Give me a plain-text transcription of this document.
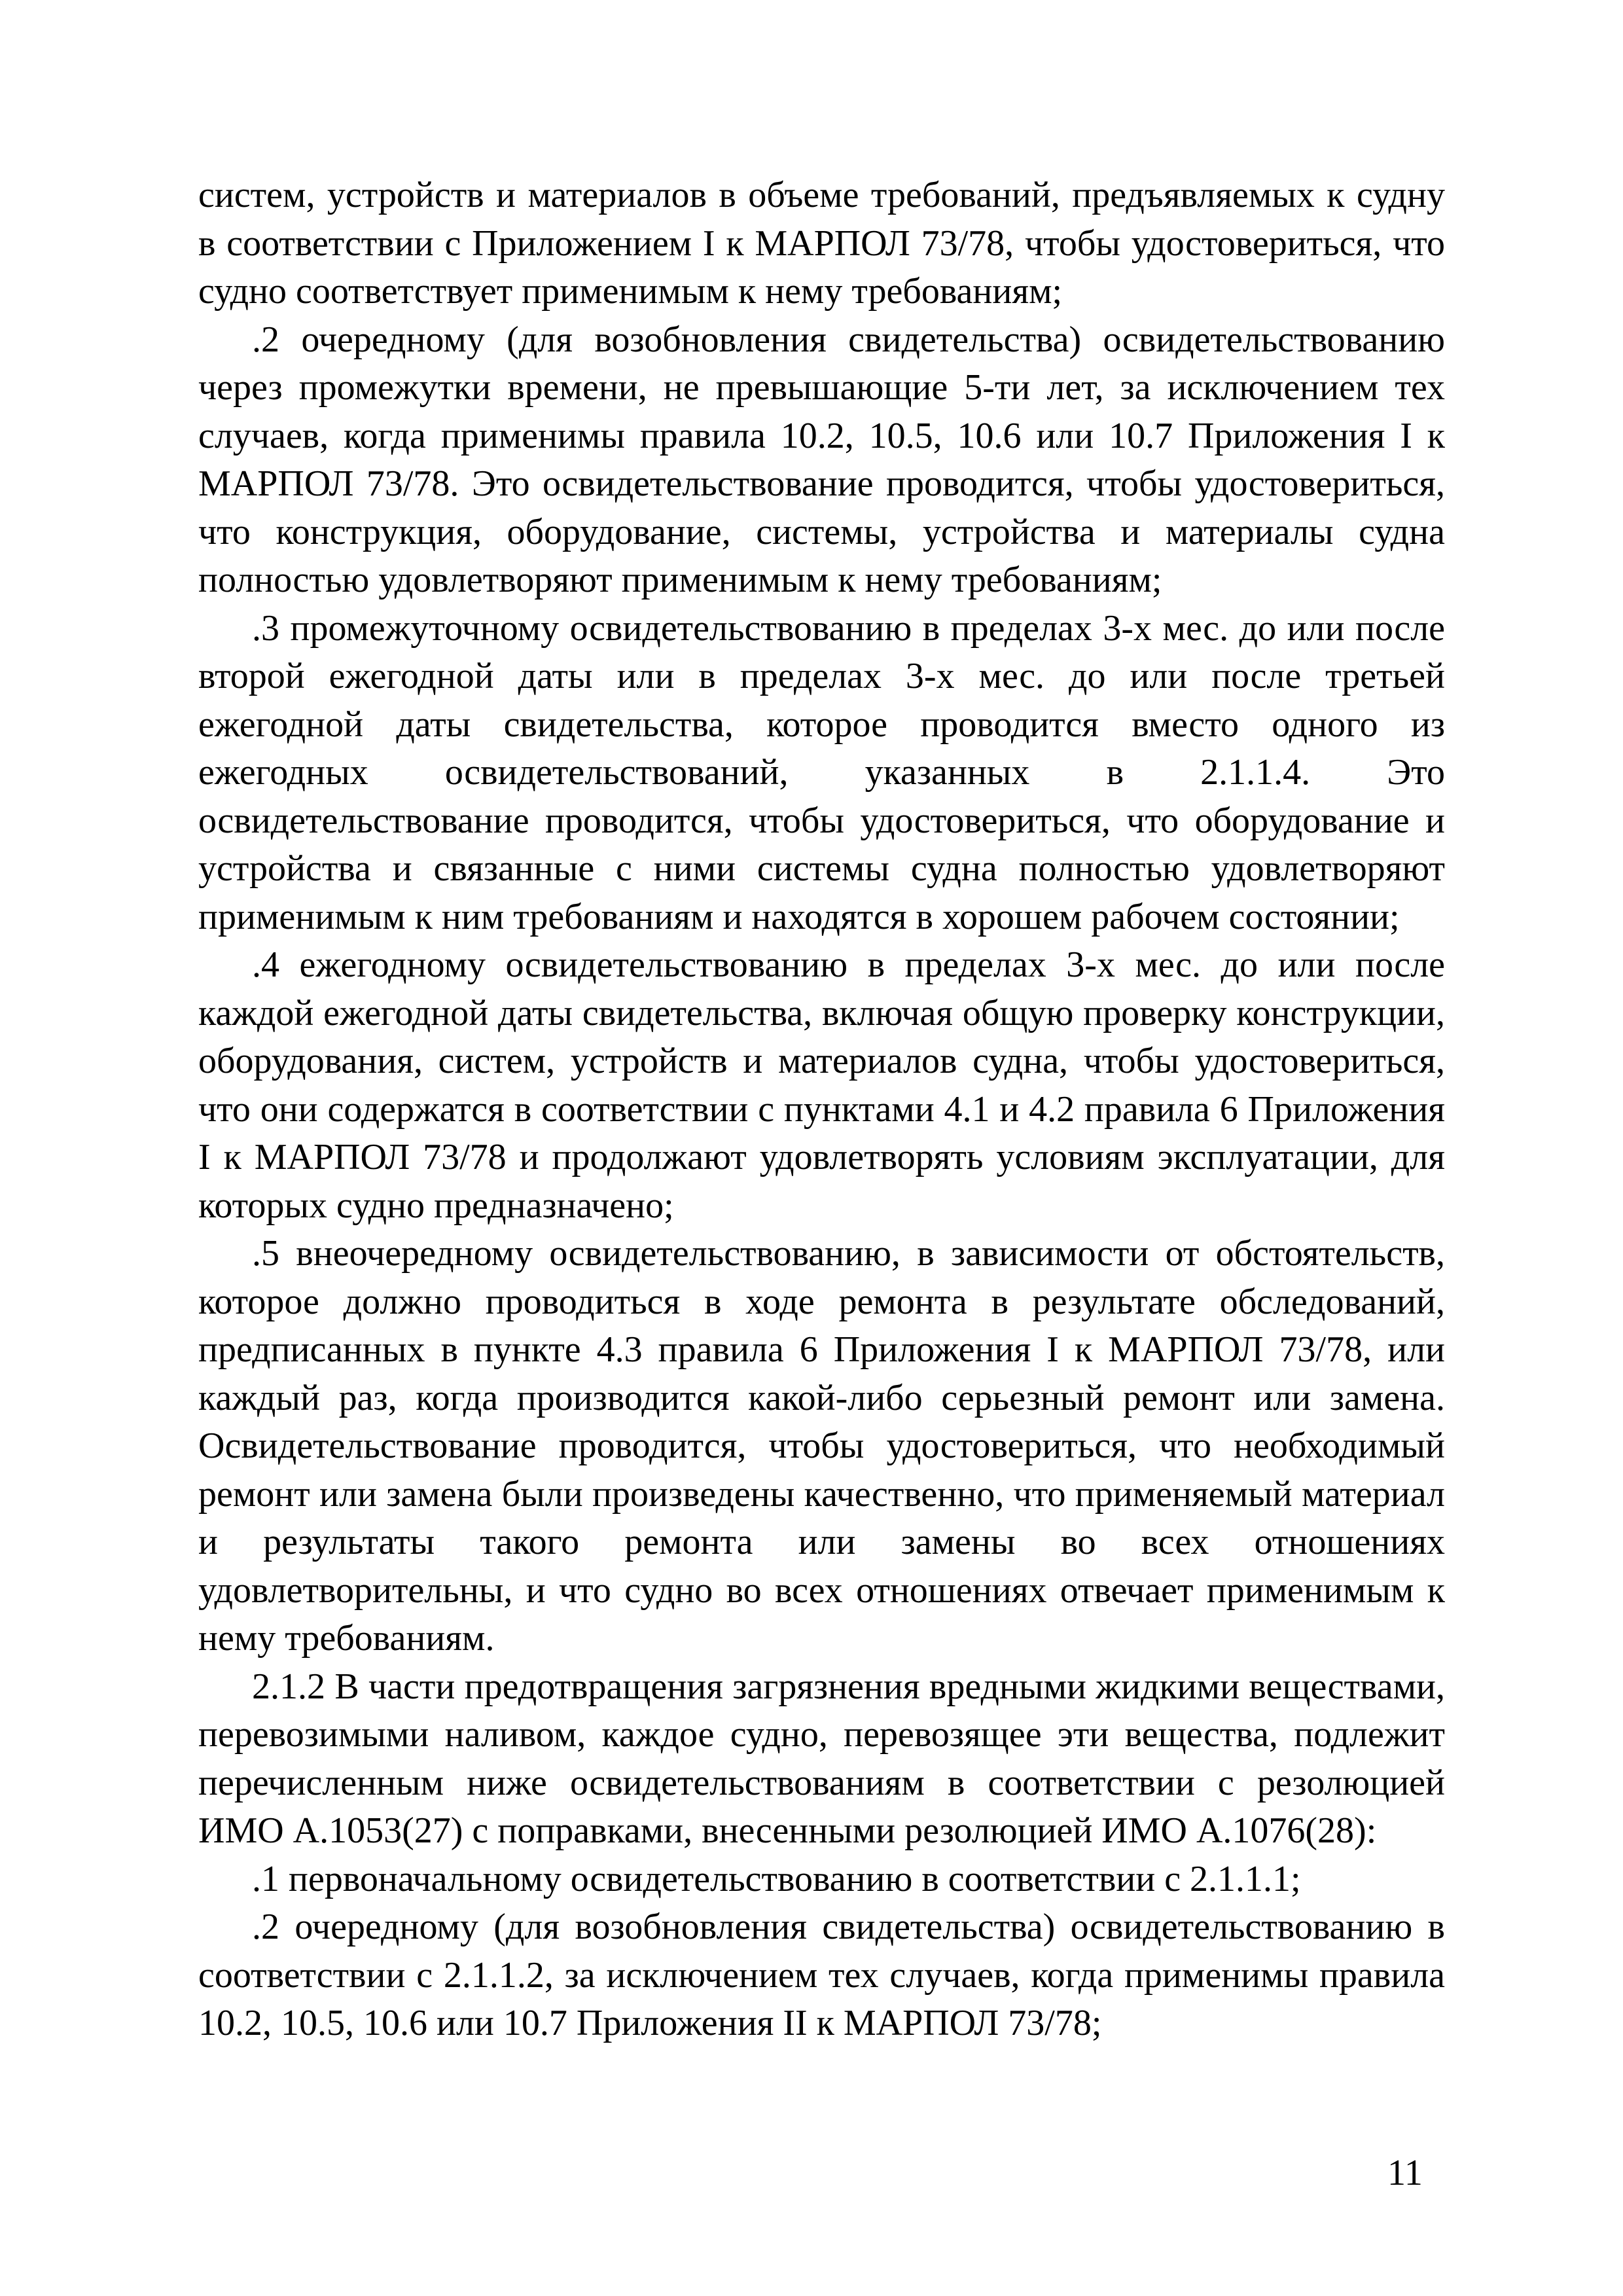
систем, устройств и материалов в объеме требований, предъявляемых к судну в соответствии с Приложением I к МАРПОЛ 73/78, чтобы удостовериться, что судно соответствует применимым к нему требованиям;

.2 очередному (для возобновления свидетельства) освидетельствованию через промежутки времени, не превышающие 5-ти лет, за исключением тех случаев, когда применимы правила 10.2, 10.5, 10.6 или 10.7 Приложения I к МАРПОЛ 73/78. Это освидетельствование проводится, чтобы удостовериться, что конструкция, оборудование, системы, устройства и материалы судна полностью удовлетворяют применимым к нему требованиям;

.3 промежуточному освидетельствованию в пределах 3-х мес. до или после второй ежегодной даты или в пределах 3-х мес. до или после третьей ежегодной даты свидетельства, которое проводится вместо одного из ежегодных освидетельствований, указанных в 2.1.1.4. Это освидетельствование проводится, чтобы удостовериться, что оборудование и устройства и связанные с ними системы судна полностью удовлетворяют применимым к ним требованиям и находятся в хорошем рабочем состоянии;

.4 ежегодному освидетельствованию в пределах 3-х мес. до или после каждой ежегодной даты свидетельства, включая общую проверку конструкции, оборудования, систем, устройств и материалов судна, чтобы удостовериться, что они содержатся в соответствии с пунктами 4.1 и 4.2 правила 6 Приложения I к МАРПОЛ 73/78 и продолжают удовлетворять условиям эксплуатации, для которых судно предназначено;

.5 внеочередному освидетельствованию, в зависимости от обстоятельств, которое должно проводиться в ходе ремонта в результате обследований, предписанных в пункте 4.3 правила 6 Приложения I к МАРПОЛ 73/78, или каждый раз, когда производится какой-либо серьезный ремонт или замена. Освидетельствование проводится, чтобы удостовериться, что необходимый ремонт или замена были произведены качественно, что применяемый материал и результаты такого ремонта или замены во всех отношениях удовлетворительны, и что судно во всех отношениях отвечает применимым к нему требованиям.

2.1.2 В части предотвращения загрязнения вредными жидкими веществами, перевозимыми наливом, каждое судно, перевозящее эти вещества, подлежит перечисленным ниже освидетельствованиям в соответствии с резолюцией ИМО А.1053(27) с поправками, внесенными резолюцией ИМО А.1076(28):

.1 первоначальному освидетельствованию в соответствии с 2.1.1.1;

.2 очередному (для возобновления свидетельства) освидетельствованию в соответствии с 2.1.1.2, за исключением тех случаев, когда применимы правила 10.2, 10.5, 10.6 или 10.7 Приложения II к МАРПОЛ 73/78;

11
